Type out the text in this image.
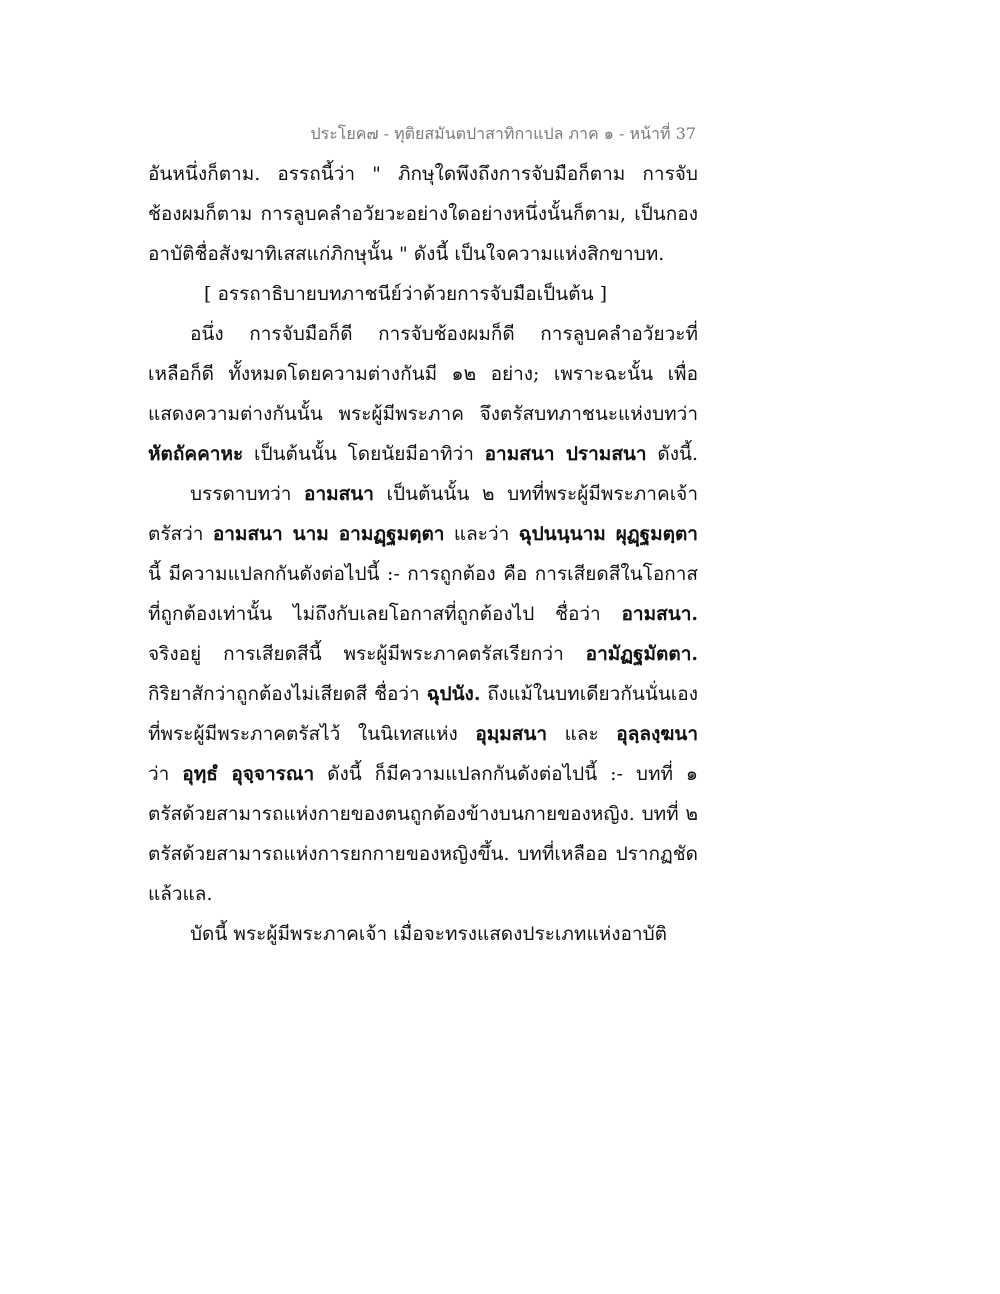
ประโยค๗ - ทุติยสมันตปาสาทิกาแปล ภาค ๑ - หน้าที่ 37
อันหนึ่งก็ตาม. อรรถนี้ว่า " ภิกษุใดพึงถึงการจับมือก็ตาม การจับ
ช้องผมก็ตาม การลูบคลำอวัยวะอย่างใดอย่างหนึ่งนั้นก็ตาม, เป็นกอง
อาบัติชื่อสังฆาทิเสสแก่ภิกษุนั้น " ดังนี้ เป็นใจความแห่งสิกขาบท.
[ อรรถาธิบายบทภาชนีย์ว่าด้วยการจับมือเป็นต้น ]
อนึ่ง การจับมือก็ดี การจับช้องผมก็ดี การลูบคลำอวัยวะที่
เหลือก็ดี ทั้งหมดโดยความต่างกันมี ๑๒ อย่าง; เพราะฉะนั้น เพื่อ
แสดงความต่างกันนั้น พระผู้มีพระภาค จึงตรัสบทภาชนะแห่งบทว่า
หัตถัคคาหะ เป็นต้นนั้น โดยนัยมีอาทิว่า อามสนา ปรามสนา ดังนี้.
บรรดาบทว่า อามสนา เป็นต้นนั้น ๒ บทที่พระผู้มีพระภาคเจ้า
ตรัสว่า อามสนา นาม อามฏฺฐมตฺตา และว่า ฉุปนนฺนาม ผุฏฺฐมตฺตา
นี้ มีความแปลกกันดังต่อไปนี้ :- การถูกต้อง คือ การเสียดสีในโอกาส
ที่ถูกต้องเท่านั้น ไม่ถึงกับเลยโอกาสที่ถูกต้องไป ชื่อว่า อามสนา.
จริงอยู่ การเสียดสีนี้ พระผู้มีพระภาคตรัสเรียกว่า อามัฏฐมัตตา.
กิริยาสักว่าถูกต้องไม่เสียดสี ชื่อว่า ฉุปนัง. ถึงแม้ในบทเดียวกันนั่นเอง
ที่พระผู้มีพระภาคตรัสไว้ ในนิเทสแห่ง อุมฺมสนา และ อุลฺลงฺฆนา
ว่า อุทฺธํ อุจฺจารณา ดังนี้ ก็มีความแปลกกันดังต่อไปนี้ :- บทที่ ๑
ตรัสด้วยสามารถแห่งกายของตนถูกต้องข้างบนกายของหญิง. บทที่ ๒
ตรัสด้วยสามารถแห่งการยกกายของหญิงขึ้น. บทที่เหลืออ ปรากฏชัด
แล้วแล.
บัดนี้ พระผู้มีพระภาคเจ้า เมื่อจะทรงแสดงประเภทแห่งอาบัติ
